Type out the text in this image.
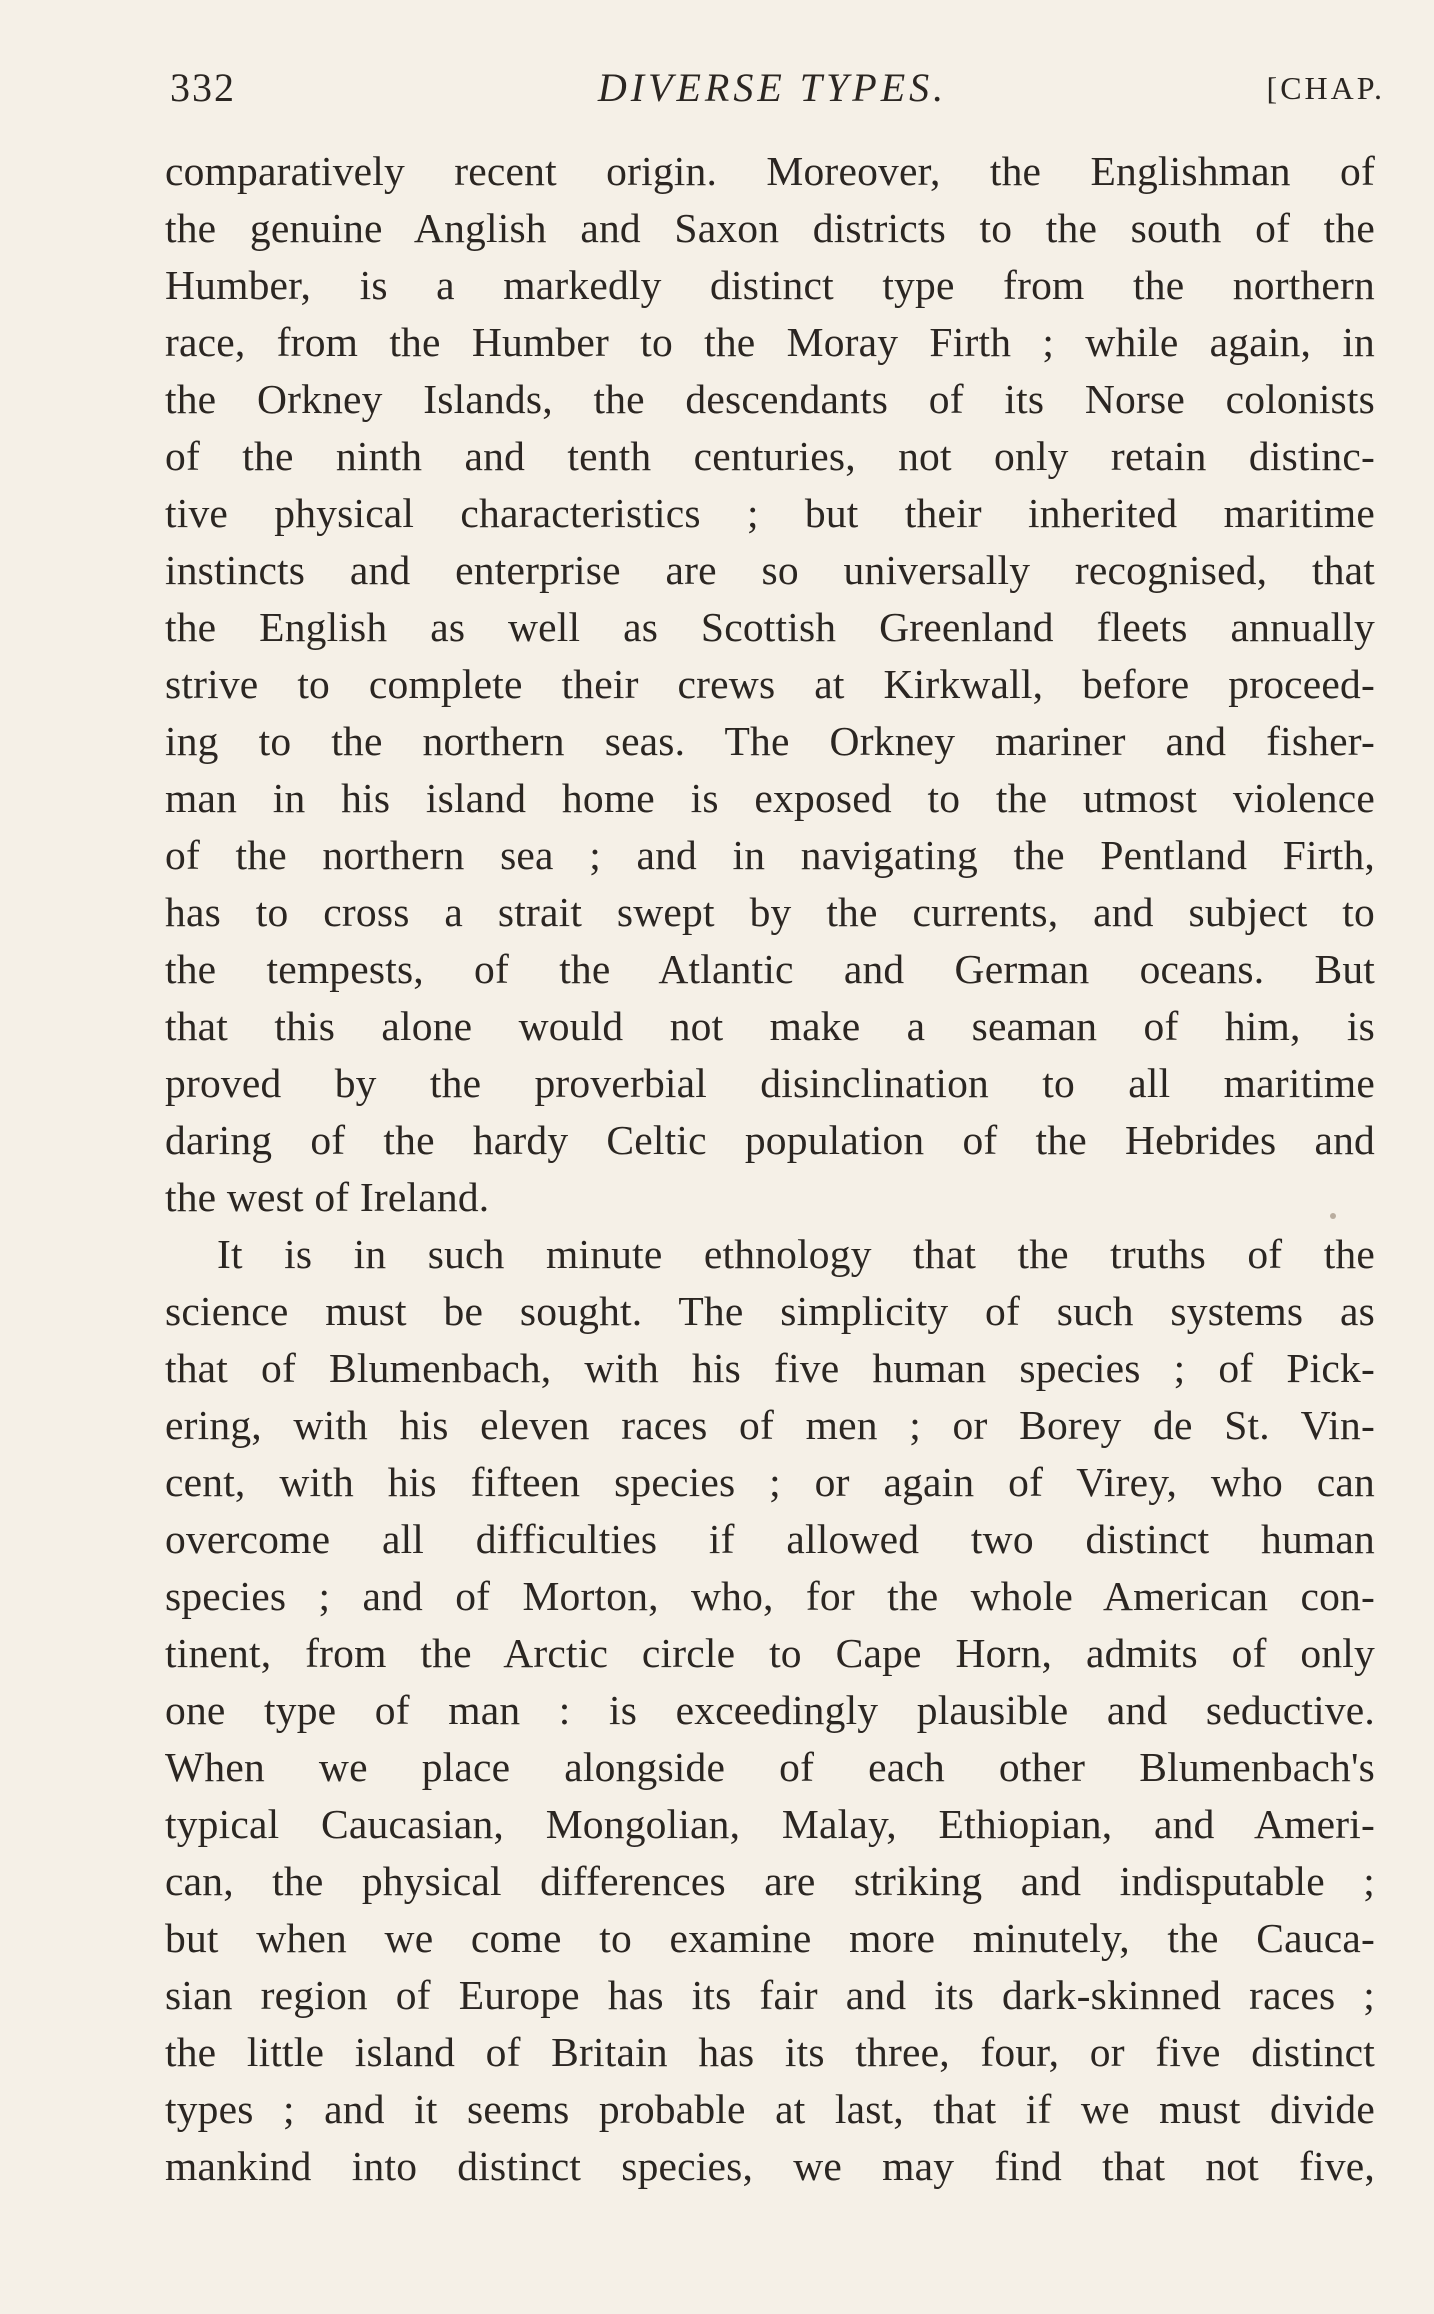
332	DIVERSE TYPES.	[CHAP.
comparatively recent origin. Moreover, the Englishman of
the genuine Anglish and Saxon districts to the south of the
Humber, is a markedly distinct type from the northern
race, from the Humber to the Moray Firth ; while again, in
the Orkney Islands, the descendants of its Norse colonists
of the ninth and tenth centuries, not only retain distinc-
tive physical characteristics ; but their inherited maritime
instincts and enterprise are so universally recognised, that
the English as well as Scottish Greenland fleets annually
strive to complete their crews at Kirkwall, before proceed-
ing to the northern seas. The Orkney mariner and fisher-
man in his island home is exposed to the utmost violence
of the northern sea ; and in navigating the Pentland Firth,
has to cross a strait swept by the currents, and subject to
the tempests, of the Atlantic and German oceans. But
that this alone would not make a seaman of him, is
proved by the proverbial disinclination to all maritime
daring of the hardy Celtic population of the Hebrides and
the west of Ireland.
It is in such minute ethnology that the truths of the
science must be sought. The simplicity of such systems as
that of Blumenbach, with his five human species ; of Pick-
ering, with his eleven races of men ; or Borey de St. Vin-
cent, with his fifteen species ; or again of Virey, who can
overcome all difficulties if allowed two distinct human
species ; and of Morton, who, for the whole American con-
tinent, from the Arctic circle to Cape Horn, admits of only
one type of man : is exceedingly plausible and seductive.
When we place alongside of each other Blumenbach's
typical Caucasian, Mongolian, Malay, Ethiopian, and Ameri-
can, the physical differences are striking and indisputable ;
but when we come to examine more minutely, the Cauca-
sian region of Europe has its fair and its dark-skinned races ;
the little island of Britain has its three, four, or five distinct
types ; and it seems probable at last, that if we must divide
mankind into distinct species, we may find that not five,
